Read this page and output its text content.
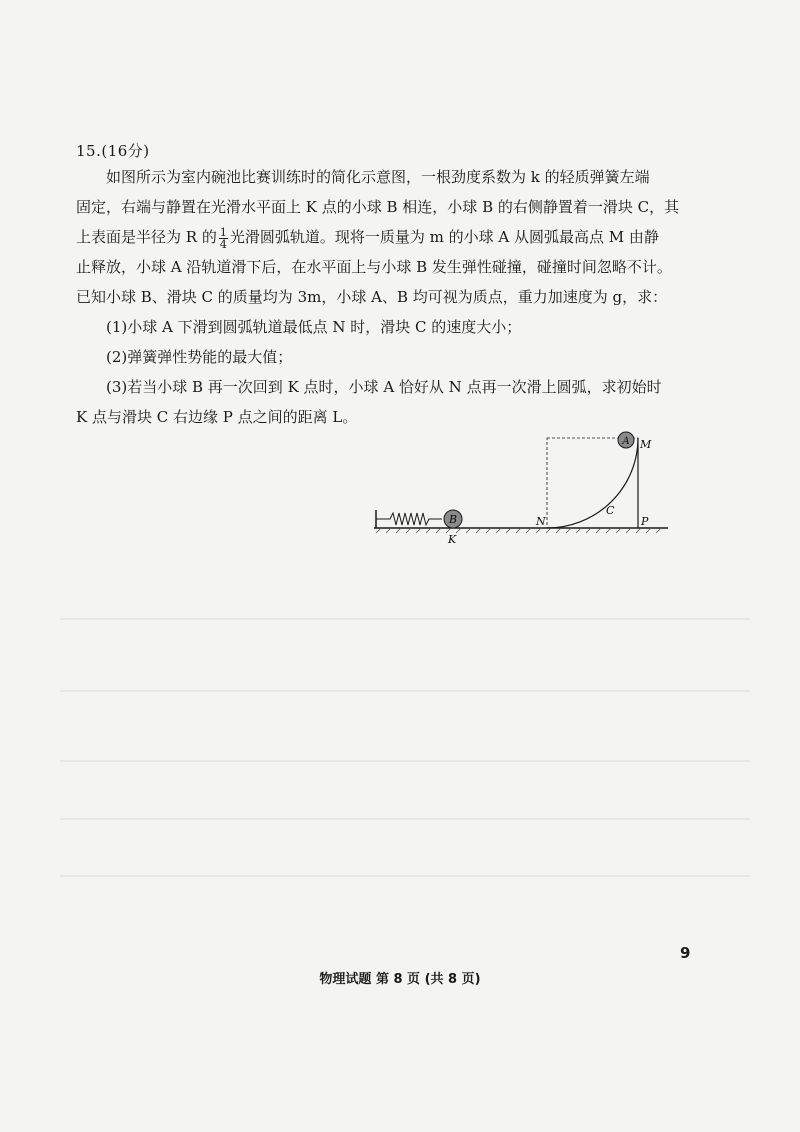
15.(16分)
如图所示为室内碗池比赛训练时的简化示意图，一根劲度系数为 k 的轻质弹簧左端
固定，右端与静置在光滑水平面上 K 点的小球 B 相连，小球 B 的右侧静置着一滑块 C，其
上表面是半径为 R 的 $\frac{1}{4}$ 光滑圆弧轨道。现将一质量为 m 的小球 A 从圆弧最高点 M 由静
止释放，小球 A 沿轨道滑下后，在水平面上与小球 B 发生弹性碰撞，碰撞时间忽略不计。
已知小球 B、滑块 C 的质量均为 3m，小球 A、B 均可视为质点，重力加速度为 g，求：
(1)小球 A 下滑到圆弧轨道最低点 N 时，滑块 C 的速度大小；
(2)弹簧弹性势能的最大值；
(3)若当小球 B 再一次回到 K 点时，小球 A 恰好从 N 点再一次滑上圆弧，求初始时
K 点与滑块 C 右边缘 P 点之间的距离 L。
B
K
A M
N
C
P
9
物理试题 第 8 页 (共 8 页)
